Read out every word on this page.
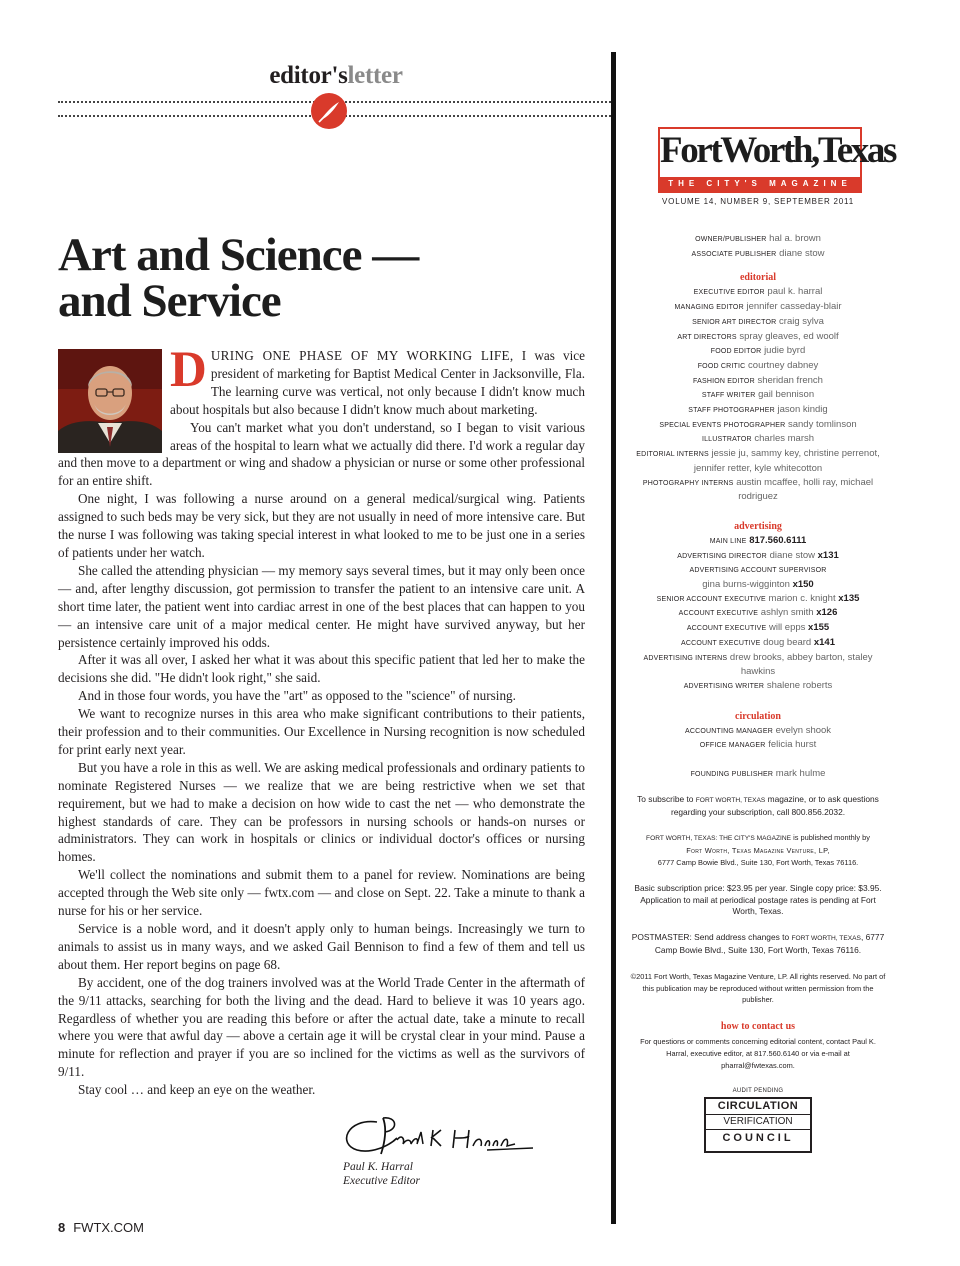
editor'sletter
Art and Science —
and Service

DURING ONE PHASE OF MY WORKING LIFE, I was vice president of marketing for Baptist Medical Center in Jacksonville, Fla. The learning curve was vertical, not only because I didn't know much about hospitals but also because I didn't know much about marketing.

You can't market what you don't understand, so I began to visit various areas of the hospital to learn what we actually did there. I'd work a regular day and then move to a department or wing and shadow a physician or nurse or some other professional for an entire shift.

One night, I was following a nurse around on a general medical/surgical wing. Patients assigned to such beds may be very sick, but they are not usually in need of more intensive care. But the nurse I was following was taking special interest in what looked to me to be just one in a series of patients under her watch.

She called the attending physician — my memory says several times, but it may only been once — and, after lengthy discussion, got permission to transfer the patient to an intensive care unit. A short time later, the patient went into cardiac arrest in one of the best places that can happen to you — an intensive care unit of a major medical center. He might have survived anyway, but her persistence certainly improved his odds.

After it was all over, I asked her what it was about this specific patient that led her to make the decisions she did. "He didn't look right," she said.

And in those four words, you have the "art" as opposed to the "science" of nursing.

We want to recognize nurses in this area who make significant contributions to their patients, their profession and to their communities. Our Excellence in Nursing recognition is now scheduled for print early next year.

But you have a role in this as well. We are asking medical professionals and ordinary patients to nominate Registered Nurses — we realize that we are being restrictive when we set that requirement, but we had to make a decision on how wide to cast the net — who demonstrate the highest standards of care. They can be professors in nursing schools or hands-on nurses or administrators. They can work in hospitals or clinics or individual doctor's offices or nursing homes.

We'll collect the nominations and submit them to a panel for review. Nominations are being accepted through the Web site only — fwtx.com — and close on Sept. 22. Take a minute to thank a nurse for his or her service.

Service is a noble word, and it doesn't apply only to human beings. Increasingly we turn to animals to assist us in many ways, and we asked Gail Bennison to find a few of them and tell us about them. Her report begins on page 68.

By accident, one of the dog trainers involved was at the World Trade Center in the aftermath of the 9/11 attacks, searching for both the living and the dead. Hard to believe it was 10 years ago. Regardless of whether you are reading this before or after the actual date, take a minute to recall where you were that awful day — above a certain age it will be crystal clear in your mind. Pause a minute for reflection and prayer if you are so inclined for the victims as well as the survivors of 9/11.

Stay cool … and keep an eye on the weather.

Paul K. Harral
Executive Editor
8 FWTX.COM
FortWorth,Texas
THE CITY'S MAGAZINE
VOLUME 14, NUMBER 9, SEPTEMBER 2011
OWNER/PUBLISHER hal a. brown
ASSOCIATE PUBLISHER diane stow
editorial
EXECUTIVE EDITOR paul k. harral
MANAGING EDITOR jennifer casseday-blair
SENIOR ART DIRECTOR craig sylva
ART DIRECTORS spray gleaves, ed woolf
FOOD EDITOR judie byrd
FOOD CRITIC courtney dabney
FASHION EDITOR sheridan french
STAFF WRITER gail bennison
STAFF PHOTOGRAPHER jason kindig
SPECIAL EVENTS PHOTOGRAPHER sandy tomlinson
ILLUSTRATOR charles marsh
EDITORIAL INTERNS jessie ju, sammy key, christine perrenot, jennifer retter, kyle whitecotton
PHOTOGRAPHY INTERNS austin mcaffee, holli ray, michael rodriguez
advertising
MAIN LINE 817.560.6111
ADVERTISING DIRECTOR diane stow x131
ADVERTISING ACCOUNT SUPERVISOR
gina burns-wigginton x150
SENIOR ACCOUNT EXECUTIVE marion c. knight x135
ACCOUNT EXECUTIVE ashlyn smith x126
ACCOUNT EXECUTIVE will epps x155
ACCOUNT EXECUTIVE doug beard x141
ADVERTISING INTERNS drew brooks, abbey barton, staley hawkins
ADVERTISING WRITER shalene roberts
circulation
ACCOUNTING MANAGER evelyn shook
OFFICE MANAGER felicia hurst
FOUNDING PUBLISHER mark hulme
To subscribe to FORT WORTH, TEXAS magazine, or to ask questions regarding your subscription, call 800.856.2032.
FORT WORTH, TEXAS: THE CITY'S MAGAZINE is published monthly by
Fort Worth, Texas Magazine Venture, LP,
6777 Camp Bowie Blvd., Suite 130, Fort Worth, Texas 76116.
Basic subscription price: $23.95 per year. Single copy price: $3.95. Application to mail at periodical postage rates is pending at Fort Worth, Texas.
POSTMASTER: Send address changes to FORT WORTH, TEXAS, 6777 Camp Bowie Blvd., Suite 130, Fort Worth, Texas 76116.
©2011 Fort Worth, Texas Magazine Venture, LP. All rights reserved. No part of this publication may be reproduced without written permission from the publisher.
how to contact us
For questions or comments concerning editorial content, contact Paul K. Harral, executive editor, at 817.560.6140 or via e-mail at pharral@fwtexas.com.
AUDIT PENDING
CIRCULATION
VERIFICATION
COUNCIL
